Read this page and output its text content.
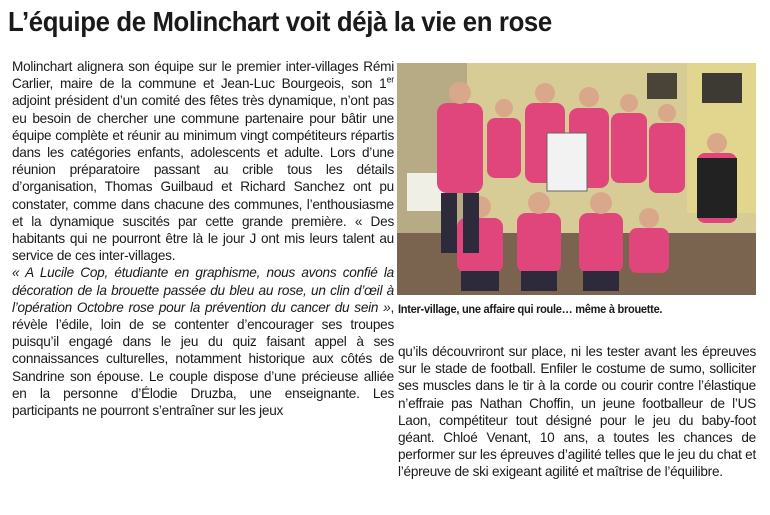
L’équipe de Molinchart voit déjà la vie en rose

Molinchart alignera son équipe sur le premier inter-villages Rémi Carlier, maire de la commune et Jean-Luc Bourgeois, son 1er adjoint président d’un comité des fêtes très dynamique, n’ont pas eu besoin de chercher une commune partenaire pour bâtir une équipe complète et réunir au minimum vingt compétiteurs répartis dans les catégories enfants, adolescents et adulte. Lors d’une réunion préparatoire passant au crible tous les détails d’organisation, Thomas Guilbaud et Richard Sanchez ont pu constater, comme dans chacune des communes, l’enthousiasme et la dynamique suscités par cette grande première. « Des habitants qui ne pourront être là le jour J ont mis leurs talent au service de ces inter-villages.

« A Lucile Cop, étudiante en graphisme, nous avons confié la décoration de la brouette passée du bleu au rose, un clin d’œil à l’opération Octobre rose pour la prévention du cancer du sein », révèle l’édile, loin de se contenter d’encourager ses troupes puisqu’il engagé dans le jeu du quiz faisant appel à ses connaissances culturelles, notamment historique aux côtés de Sandrine son épouse. Le couple dispose d’une précieuse alliée en la personne d’Élodie Druzba, une enseignante. Les participants ne pourront s’entraîner sur les jeux

Inter-village, une affaire qui roule… même à brouette.

qu’ils découvriront sur place, ni les tester avant les épreuves sur le stade de football. Enfiler le costume de sumo, solliciter ses muscles dans le tir à la corde ou courir contre l’élastique n’effraie pas Nathan Choffin, un jeune footballeur de l’US Laon, compétiteur tout désigné pour le jeu du baby-foot géant. Chloé Venant, 10 ans, a toutes les chances de performer sur les épreuves d’agilité telles que le jeu du chat et l’épreuve de ski exigeant agilité et maîtrise de l’équilibre.
